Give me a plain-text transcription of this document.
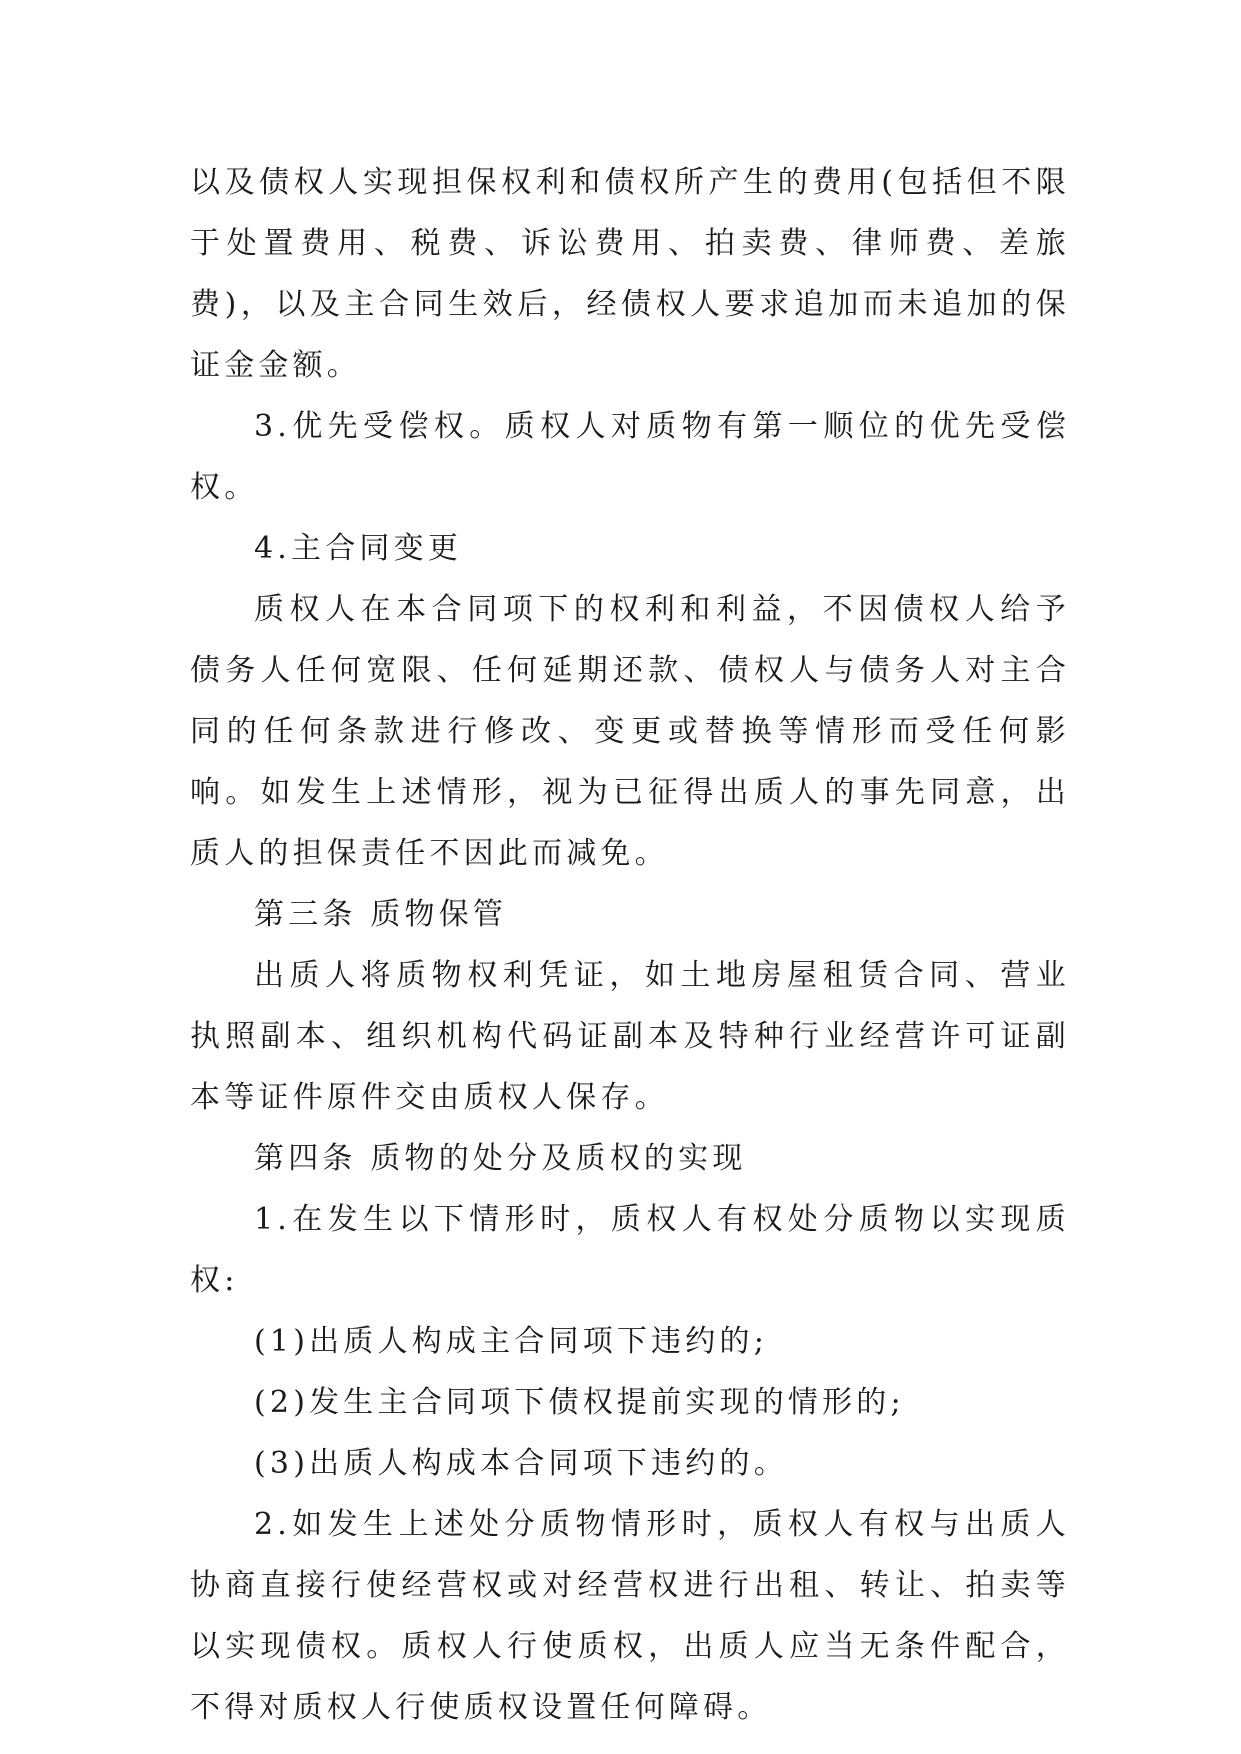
以及债权人实现担保权利和债权所产生的费用(包括但不限于处置费用、税费、诉讼费用、拍卖费、律师费、差旅费)，以及主合同生效后，经债权人要求追加而未追加的保证金金额。

3.优先受偿权。质权人对质物有第一顺位的优先受偿权。

4.主合同变更

质权人在本合同项下的权利和利益，不因债权人给予债务人任何宽限、任何延期还款、债权人与债务人对主合同的任何条款进行修改、变更或替换等情形而受任何影响。如发生上述情形，视为已征得出质人的事先同意，出质人的担保责任不因此而减免。

第三条 质物保管

出质人将质物权利凭证，如土地房屋租赁合同、营业执照副本、组织机构代码证副本及特种行业经营许可证副本等证件原件交由质权人保存。

第四条 质物的处分及质权的实现

1.在发生以下情形时，质权人有权处分质物以实现质权:

(1)出质人构成主合同项下违约的;

(2)发生主合同项下债权提前实现的情形的;

(3)出质人构成本合同项下违约的。

2.如发生上述处分质物情形时，质权人有权与出质人协商直接行使经营权或对经营权进行出租、转让、拍卖等以实现债权。质权人行使质权，出质人应当无条件配合，不得对质权人行使质权设置任何障碍。
